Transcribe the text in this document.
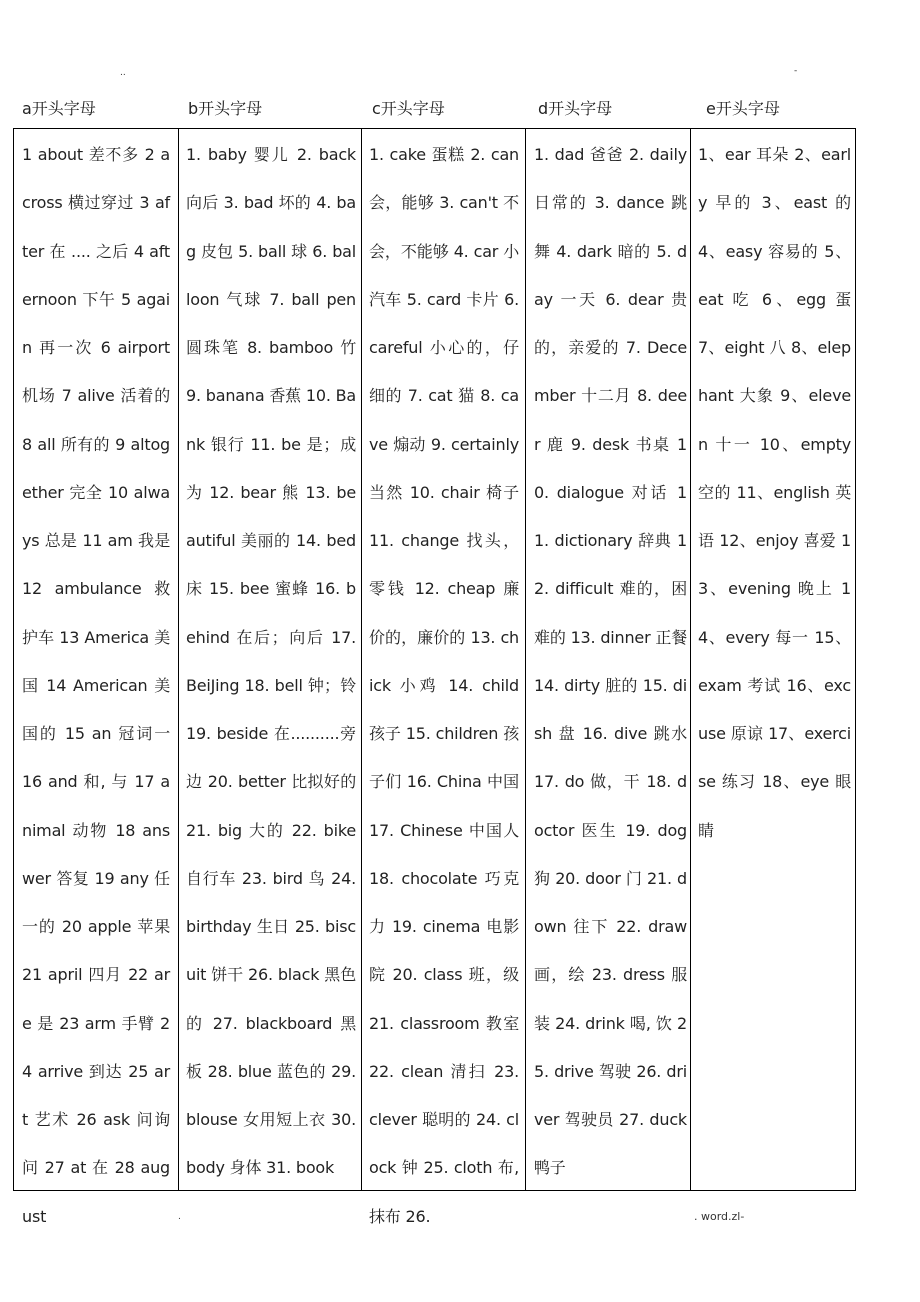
..	-
a开头字母	b开头字母	c开头字母	d开头字母	e开头字母

1 about 差不多 2 across 横过穿过 3 after 在 .... 之后 4 afternoon 下午 5 again 再一次 6 airport 机场 7 alive 活着的 8 all 所有的 9 altogether 完全 10 always 总是 11 am 我是 12 ambulance 救护车 13 America 美国 14 American 美国的 15 an 冠词一 16 and 和, 与 17 animal 动物 18 answer 答复 19 any 任一的 20 apple 苹果 21 april 四月 22 are 是 23 arm 手臂 24 arrive 到达 25 art 艺术 26 ask 问询问 27 at 在 28 august

1. baby 婴儿 2. back 向后 3. bad 坏的 4. bag 皮包 5. ball 球 6. balloon 气球 7. ball pen 圆珠笔 8. bamboo 竹 9. banana 香蕉 10. Bank 银行 11. be 是；成为 12. bear 熊 13. beautiful 美丽的 14. bed 床 15. bee 蜜蜂 16. behind 在后；向后 17. BeiJing 18. bell 钟；铃 19. beside 在..........旁边 20. better 比拟好的 21. big 大的 22. bike 自行车 23. bird 鸟 24. birthday 生日 25. biscuit 饼干 26. black 黑色的 27. blackboard 黑板 28. blue 蓝色的 29. blouse 女用短上衣 30. body 身体 31. book

1. cake 蛋糕 2. can 会，能够 3. can't 不会，不能够 4. car 小汽车 5. card 卡片 6. careful 小心的，仔细的 7. cat 猫 8. cave 煽动 9. certainly 当然 10. chair 椅子 11. change 找头，零钱 12. cheap 廉价的，廉价的 13. chick 小鸡 14. child 孩子 15. children 孩子们 16. China 中国 17. Chinese 中国人 18. chocolate 巧克力 19. cinema 电影院 20. class 班，级 21. classroom 教室 22. clean 清扫 23. clever 聪明的 24. clock 钟 25. cloth 布, 抹布 26.

1. dad 爸爸 2. daily 日常的 3. dance 跳舞 4. dark 暗的 5. day 一天 6. dear 贵的，亲爱的 7. December 十二月 8. deer 鹿 9. desk 书桌 10. dialogue 对话 11. dictionary 辞典 12. difficult 难的，困难的 13. dinner 正餐 14. dirty 脏的 15. dish 盘 16. dive 跳水 17. do 做，干 18. doctor 医生 19. dog 狗 20. door 门 21. down 往下 22. draw 画，绘 23. dress 服装 24. drink 喝, 饮 25. drive 驾驶 26. driver 驾驶员 27. duck 鸭子

1、ear 耳朵 2、early 早的 3、east 的 4、easy 容易的 5、eat 吃 6、egg 蛋 7、eight 八 8、elephant 大象 9、eleven 十一 10、empty 空的 11、english 英语 12、enjoy 喜爱 13、evening 晚上 14、every 每一 15、exam 考试 16、excuse 原谅 17、exercise 练习 18、eye 眼睛

.	. word.zl-
